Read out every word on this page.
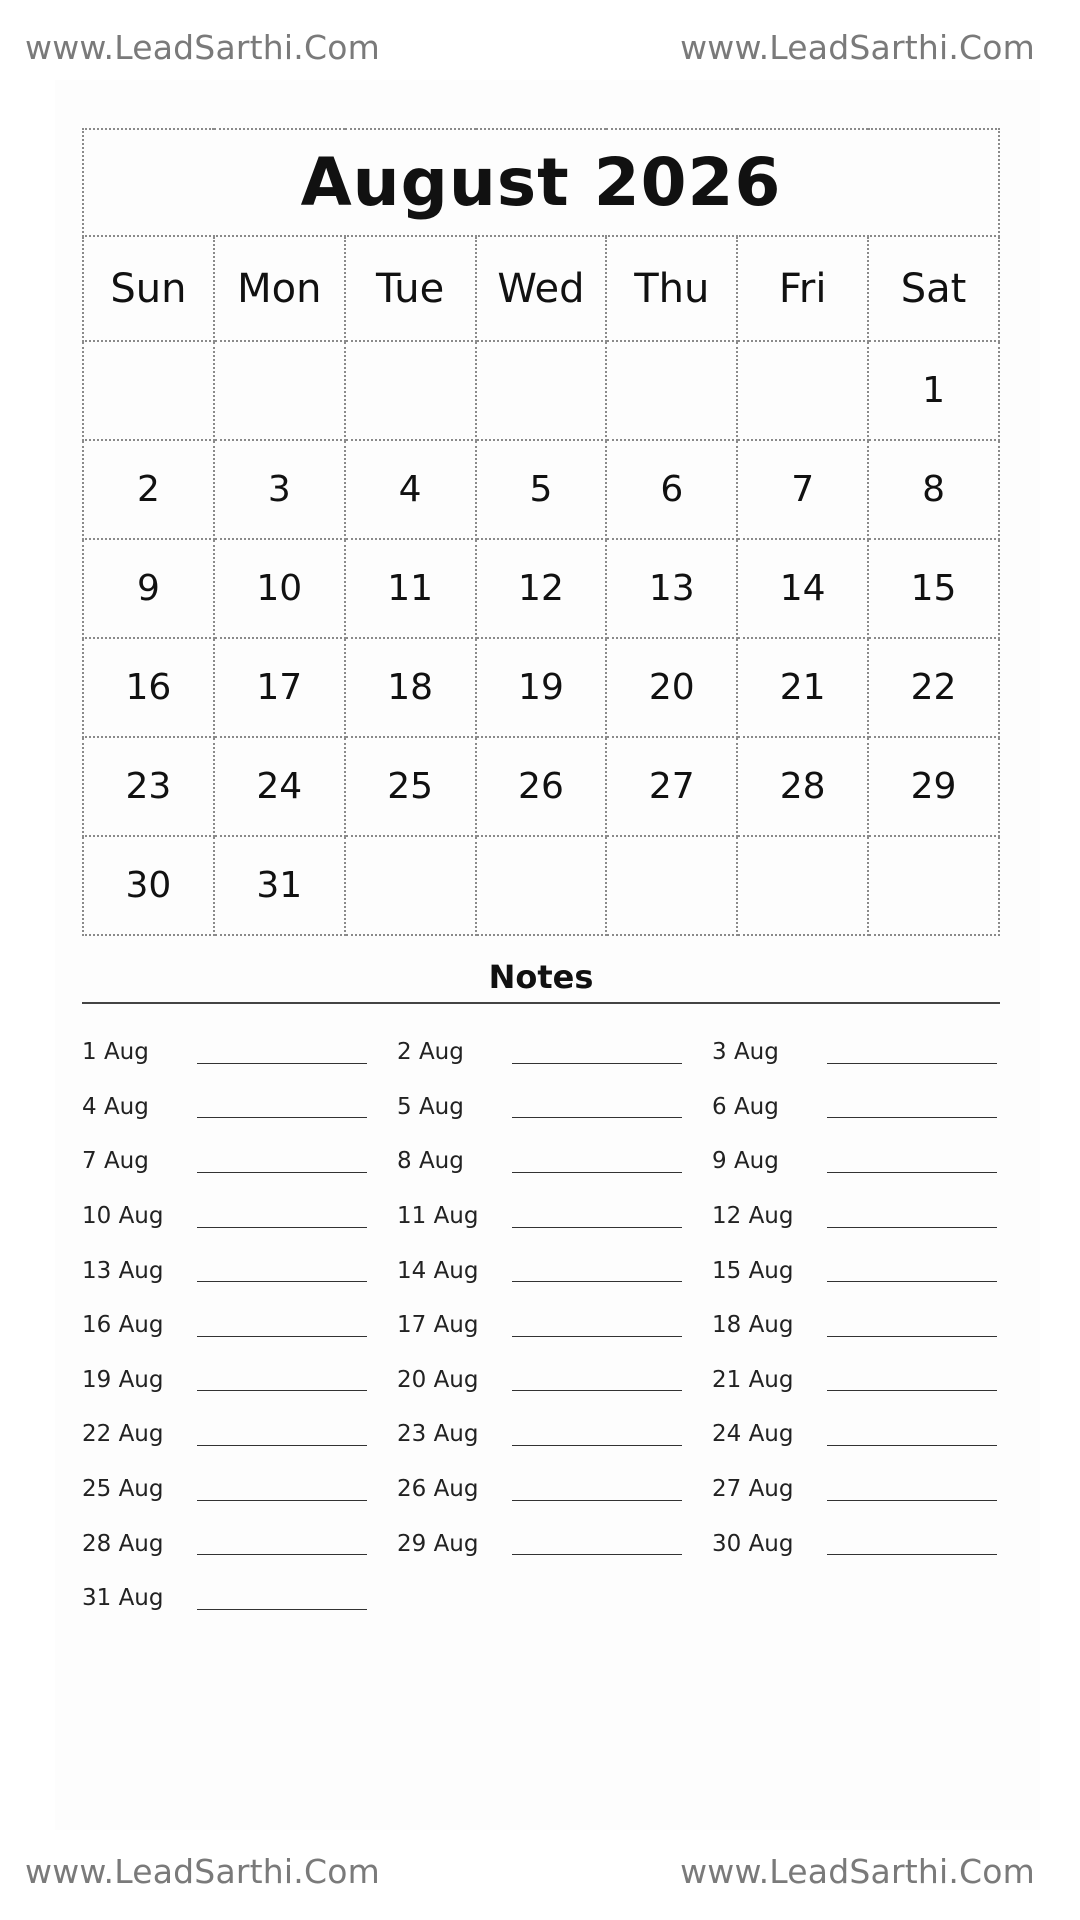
www.LeadSarthi.Com	www.LeadSarthi.Com
August 2026						
Sun	Mon	Tue	Wed	Thu	Fri	Sat
						1
2	3	4	5	6	7	8
9	10	11	12	13	14	15
16	17	18	19	20	21	22
23	24	25	26	27	28	29
30	31					
Notes
1 Aug	2 Aug	3 Aug
4 Aug	5 Aug	6 Aug
7 Aug	8 Aug	9 Aug
10 Aug	11 Aug	12 Aug
13 Aug	14 Aug	15 Aug
16 Aug	17 Aug	18 Aug
19 Aug	20 Aug	21 Aug
22 Aug	23 Aug	24 Aug
25 Aug	26 Aug	27 Aug
28 Aug	29 Aug	30 Aug
31 Aug
www.LeadSarthi.Com	www.LeadSarthi.Com
